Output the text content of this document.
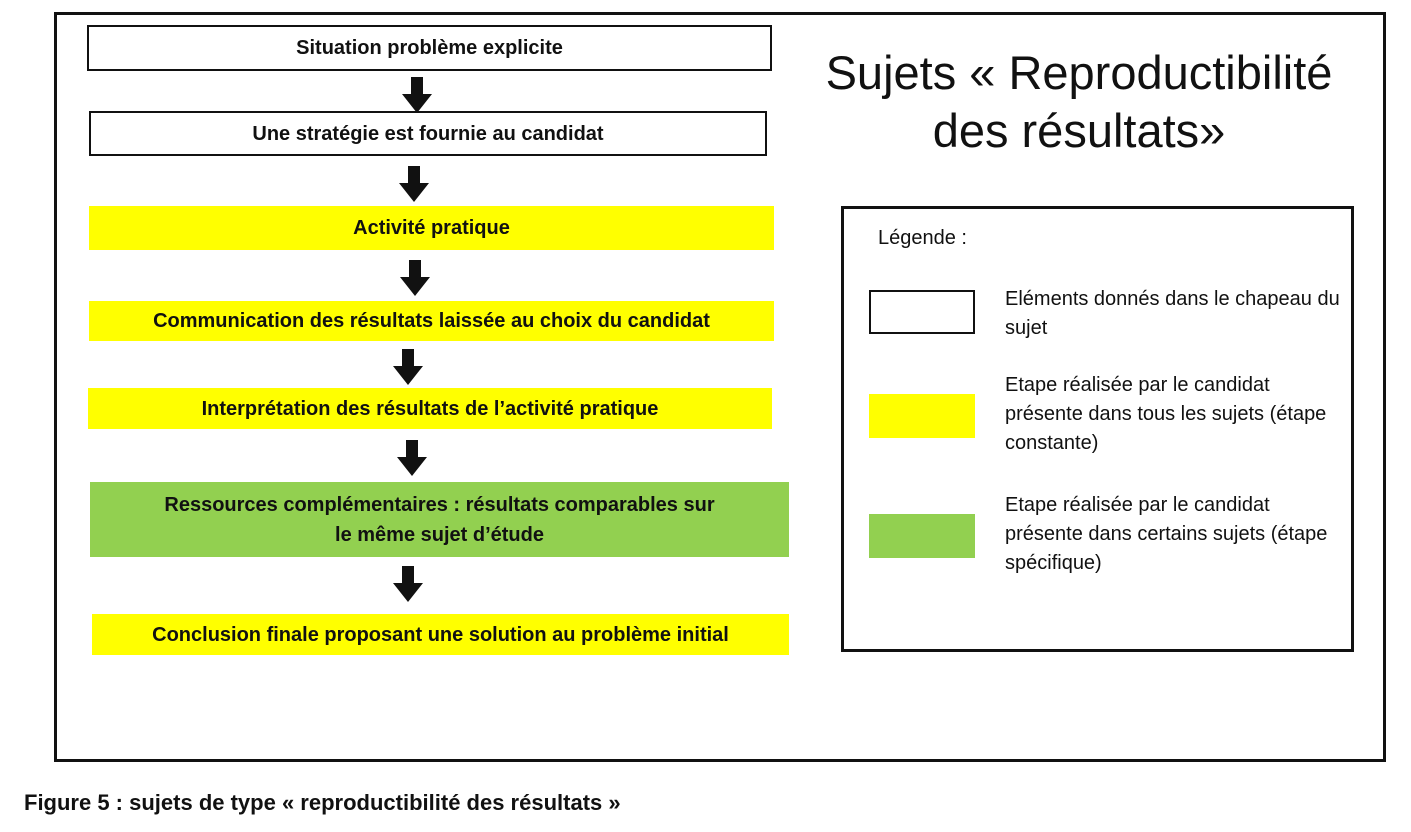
Situation problème explicite
Une stratégie est fournie au candidat
Activité pratique
Communication des résultats laissée au choix du candidat
Interprétation des résultats de l’activité pratique
Ressources complémentaires : résultats comparables sur le même sujet d’étude
Conclusion finale proposant une solution au problème initial
Sujets « Reproductibilité des résultats»
Légende :
Eléments donnés dans le chapeau du sujet
Etape réalisée par le candidat présente dans tous les sujets (étape constante)
Etape réalisée par le candidat présente dans certains sujets (étape spécifique)
Figure 5 : sujets de type « reproductibilité des résultats »
